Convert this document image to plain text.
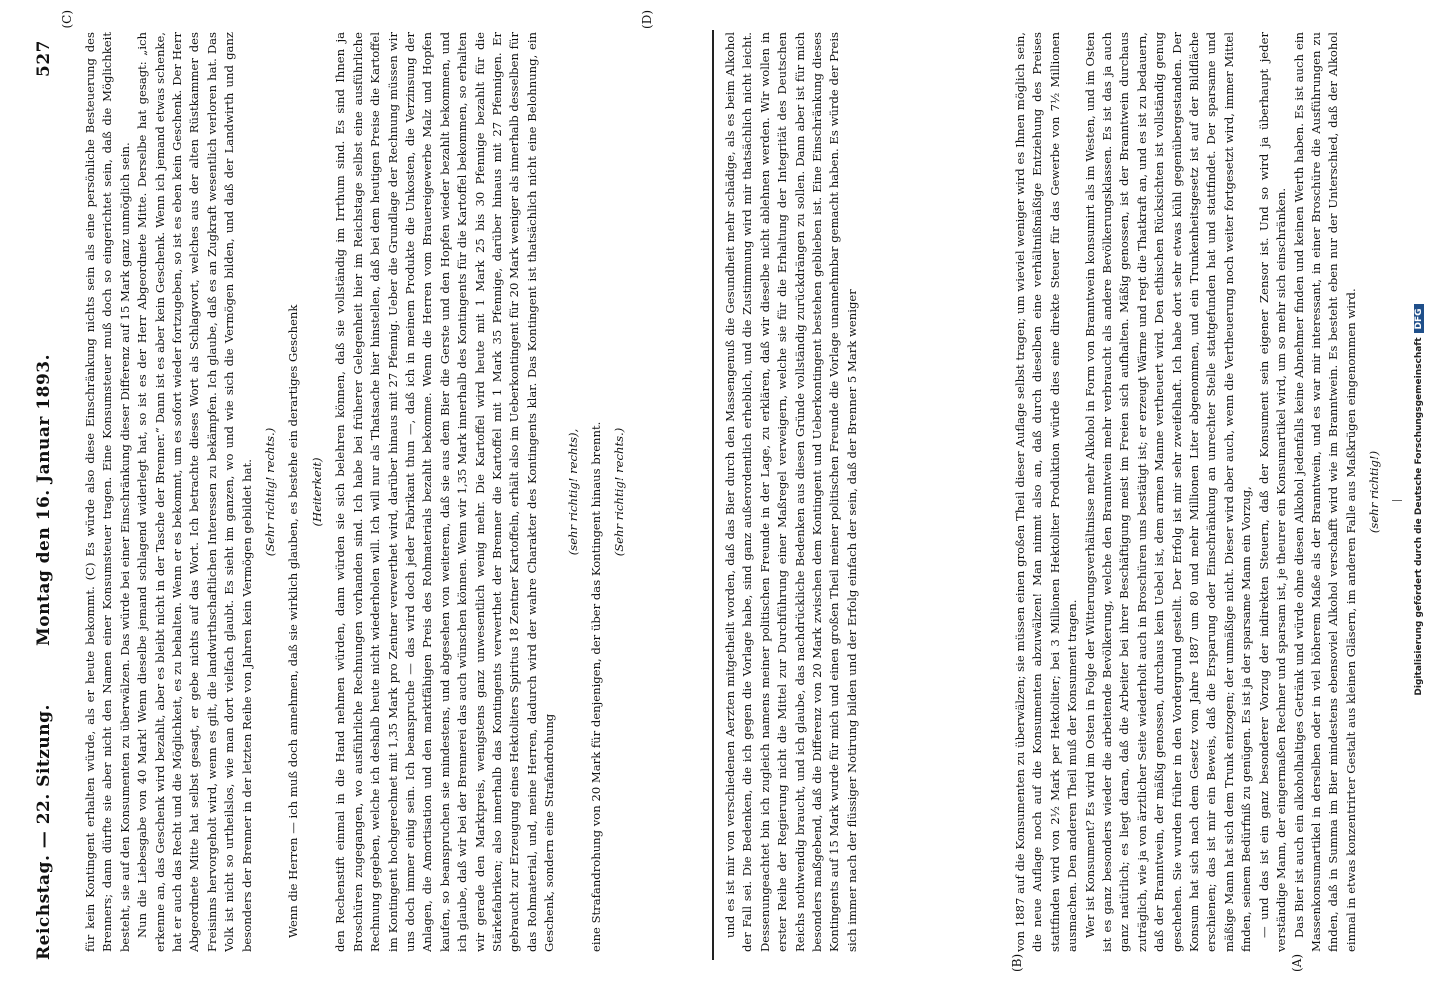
Reichstag. — 22. Sitzung.
Montag den 16. Januar 1893.
527
(C)	(D)

für kein Kontingent erhalten würde, als er heute bekommt. (C) Es würde also diese Einschränkung nichts sein als eine persönliche Besteuerung des Brenners; dann dürfte sie aber nicht den Namen einer Konsumsteuer tragen. Eine Konsumsteuer muß doch so eingerichtet sein, daß die Möglichkeit besteht, sie auf den Konsumenten zu überwälzen. Das würde bei einer Einschränkung dieser Differenz auf 15 Mark ganz unmöglich sein. Nun die Liebesgabe von 40 Mark! Wenn dieselbe jemand schlagend widerlegt hat, so ist es der Herr Abgeordnete Mitte. Derselbe hat gesagt: „ich erkenne an, das Geschenk wird bezahlt, aber es bleibt nicht in der Tasche der Brenner.“ Dann ist es aber kein Geschenk. Wenn ich jemand etwas schenke, hat er auch das Recht und die Möglichkeit, es zu behalten. Wenn er es bekommt, um es sofort wieder fortzugeben, so ist es eben kein Geschenk. Der Herr Abgeordnete Mitte hat selbst gesagt, er gebe nichts auf das Wort. Ich betrachte dieses Wort als Schlagwort, welches aus der alten Rüstkammer des Freisinns hervorgeholt wird, wenn es gilt, die landwirthschaftlichen Interessen zu bekämpfen. Ich glaube, daß es an Zugkraft wesentlich verloren hat. Das Volk ist nicht so urtheilslos, wie man dort vielfach glaubt. Es sieht im ganzen, wo und wie sich die Vermögen bilden, und daß der Landwirth und ganz besonders der Brenner in der letzten Reihe von Jahren kein Vermögen gebildet hat. (Sehr richtig! rechts.) Wenn die Herren — ich muß doch annehmen, daß sie wirklich glauben, es bestehe ein derartiges Geschenk (Heiterkeit) den Rechenstift einmal in die Hand nehmen würden, dann würden sie sich belehren können, daß sie vollständig im Irrthum sind. Es sind Ihnen ja Broschüren zugegangen, wo ausführliche Rechnungen vorhanden sind. Ich habe bei früherer Gelegenheit hier im Reichstage selbst eine ausführliche Rechnung gegeben, welche ich deshalb heute nicht wiederholen will. Ich will nur als Thatsache hier hinstellen, daß bei dem heutigen Preise die Kartoffel im Kontingent hochgerechnet mit 1,35 Mark pro Zentner verwerthet wird, darüber hinaus mit 27 Pfennig. Ueber die Grundlage der Rechnung müssen wir uns doch immer einig sein. Ich beanspruche — das wird doch jeder Fabrikant thun —, daß ich in meinem Produkte die Unkosten, die Verzinsung der Anlagen, die Amortisation und den marktfähigen Preis des Rohmaterials bezahlt bekomme. Wenn die Herren vom Brauereigewerbe Malz und Hopfen kaufen, so beanspruchen sie mindestens, und abgesehen von weiterem, daß sie aus dem Bier die Gerste und den Hopfen wieder bezahlt bekommen, und ich glaube, daß wir bei der Brennerei das auch wünschen können. Wenn wir 1,35 Mark innerhalb des Kontingents für die Kartoffel bekommen, so erhalten wir gerade den Marktpreis, wenigstens ganz unwesentlich wenig mehr. Die Kartoffel wird heute mit 1 Mark 25 bis 30 Pfennige bezahlt für die Stärkefabriken; also innerhalb das Kontingents verwerthet der Brenner die Kartoffel mit 1 Mark 35 Pfennige, darüber hinaus mit 27 Pfennigen. Er gebraucht zur Erzeugung eines Hektoliters Spiritus 18 Zentner Kartoffeln, erhält also im Ueberkontingent für 20 Mark weniger als innerhalb desselben für das Rohmaterial, und, meine Herren, dadurch wird der wahre Charakter des Kontingents klar. Das Kontingent ist thatsächlich nicht eine Belohnung, ein Geschenk, sondern eine Strafandrohung

(sehr richtig! rechts), eine Strafandrohung von 20 Mark für denjenigen, der über das Kontingent hinaus brennt. (Sehr richtig! rechts.)	und es ist mir von verschiedenen Aerzten mitgetheilt worden, daß das Bier durch den Massengenuß die Gesundheit mehr schädige, als es beim Alkohol der Fall sei. Die Bedenken, die ich gegen die Vorlage habe, sind ganz außerordentlich erheblich, und die Zustimmung wird mir thatsächlich nicht leicht. Dessenungeachtet bin ich zugleich namens meiner politischen Freunde in der Lage, zu erklären, daß wir dieselbe nicht ablehnen werden. Wir wollen in erster Reihe der Regierung nicht die Mittel zur Durchführung einer Maßregel verweigern, welche sie für die Erhaltung der Integrität des Deutschen Reichs nothwendig braucht, und ich glaube, das nachdrückliche Bedenken aus diesen Gründe vollständig zurückdrängen zu sollen. Dann aber ist für mich besonders maßgebend, daß die Differenz von 20 Mark zwischen dem Kontingent und Ueberkontingent bestehen geblieben ist. Eine Einschränkung dieses Kontingents auf 15 Mark wurde für mich und einen großen Theil meiner politischen Freunde die Vorlage unannehmbar gemacht haben. Es würde der Preis sich immer nach der flüssiger Notirung bilden und der Erfolg einfach der sein, daß der Brenner 5 Mark weniger

(A)
(B)

von 1887 auf die Konsumenten zu überwälzen; sie müssen einen großen Theil dieser Auflage selbst tragen; um wieviel weniger wird es Ihnen möglich sein, die neue Auflage noch auf die Konsumenten abzuwälzen! Man nimmt also an, daß durch dieselben eine verhältnißmäßige Entziehung des Preises stattfinden wird von 2½ Mark per Hektoliter; bei 3 Millionen Hektoliter Produktion würde dies eine direkte Steuer für das Gewerbe von 7½ Millionen ausmachen. Den anderen Theil muß der Konsument tragen. Wer ist Konsument? Es wird im Osten in Folge der Witterungsverhältnisse mehr Alkohol in Form von Branntwein konsumirt als im Westen, und im Osten ist es ganz besonders wieder die arbeitende Bevölkerung, welche den Branntwein mehr verbraucht als andere Bevölkerungsklassen. Es ist das ja auch ganz natürlich; es liegt daran, daß die Arbeiter bei ihrer Beschäftigung meist im Freien sich aufhalten. Mäßig genossen, ist der Branntwein durchaus zuträglich, wie ja von ärztlicher Seite wiederholt auch in Broschüren uns bestätigt ist; er erzeugt Wärme und regt die Thatkraft an, und es ist zu bedauern, daß der Branntwein, der mäßig genossen, durchaus kein Uebel ist, dem armen Manne vertheuert wird. Den ethischen Rücksichten ist vollständig genug geschehen. Sie wurden früher in den Vordergrund gestellt. Der Erfolg ist mir sehr zweifelhaft. Ich habe dort sehr etwas kühl gegenübergestanden. Der Konsum hat sich nach dem Gesetz vom Jahre 1887 um 80 und mehr Millionen Liter abgenommen, und ein Trunkenheitsgesetz ist auf der Bildfläche erschienen; das ist mir ein Beweis, daß die Ersparung oder Einschränkung an unrechter Stelle stattgefunden hat und stattfindet. Der sparsame und mäßige Mann hat sich dem Trunk entzogen; der unmäßige nicht. Dieser wird aber auch, wenn die Vertheuerung noch weiter fortgesetzt wird, immer Mittel finden, seinem Bedürfniß zu genügen. Es ist ja der sparsame Mann ein Vorzug, — und das ist ein ganz besonderer Vorzug der indirekten Steuern, daß der Konsument sein eigener Zensor ist. Und so wird ja überhaupt jeder verständige Mann, der eingermaßen Rechner und sparsam ist, je theurer ein Konsumartikel wird, um so mehr sich einschränken. Das Bier ist auch ein alkoholhaltiges Getränk und würde ohne diesen Alkohol jedenfalls keine Abnehmer finden und keinen Werth haben. Es ist auch ein Massenkonsumartikel in derselben oder in viel höherem Maße als der Branntwein, und es war mir interessant, in einer Broschüre die Ausführungen zu finden, daß in Summa im Bier mindestens ebensoviel Alkohol verschafft wird wie im Branntwein. Es besteht eben nur der Unterschied, daß der Alkohol einmal in etwas konzentrirter Gestalt aus kleinen Gläsern, im anderen Falle aus Maßkrügen eingenommen wird. (sehr richtig!)	Digitalisierung gefördert durch die Deutsche ForschungsgemeinschaftDFG
